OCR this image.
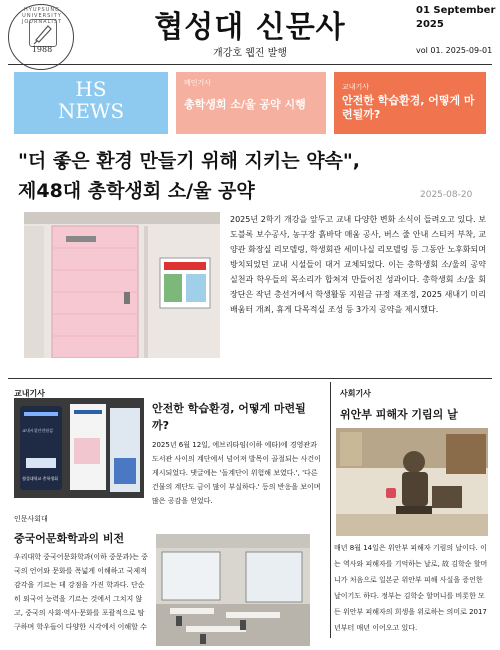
HYUPSUNG UNIVERSITY JOURNALIST
1988
협성대 신문사
개강호 웹진 발행
01 September
2025
vol 01. 2025-09-01
HS
NEWS
메인기사
총학생회 소/울 공약 시행
교내기사
안전한 학습환경, 어떻게 마련될까?
"더 좋은 환경 만들기 위해 지키는 약속",
제48대 총학생회 소/울 공약	2025-08-20
2025년 2학기 개강을 앞두고 교내 다양한 변화 소식이 들려오고 있다. 보도블록 보수공사, 농구장 흙바닥 매움 공사, 버스 줄 안내 스티커 부착, 교양관 화장실 리모델링, 학생회관 세미나실 리모델링 등 그동안 노후화되며 방치되었던 교내 시설들이 대거 교체되었다. 이는 총학생회 소/울의 공약 실천과 학우들의 목소리가 합쳐져 만들어진 성과이다. 총학생회 소/울 회장단은 작년 총선거에서 학생활동 지원금 규정 재조정, 2025 새내기 미리배움터 개최, 휴게 다목적실 조성 등 3가지 공약을 제시했다.
교내기사
교내시설안전점검
협성대학교 총학생회
안전한 학습환경, 어떻게 마련될까?
2025년 6월 12일, 에브리타임(이하 에타)에 경영관과 도서관 사이의 계단에서 넘어져 발목이 골절되는 사건이 게시되었다. 댓글에는 '돌계단이 위험해 보였다.', '다른 건물의 계단도 금이 많이 부실하다.' 등의 반응을 보이며 많은 공감을 얻었다.
인문사회대
중국어문화학과의 비전
우리대학 중국어문화학과(이하 중문과)는 중국의 언어와 문화를 폭넓게 이해하고 국제적 감각을 기르는 데 강점을 가진 학과다. 단순히 외국어 능력을 기르는 것에서 그치지 않고, 중국의 사회·역사·문화를 포괄적으로 탐구하며 학우들이 다양한 시각에서 이해할 수
사회기사
위안부 피해자 기림의 날
매년 8월 14일은 위안부 피해자 기림의 날이다. 이는 역사와 피해자를 기억하는 날로, 故 김학순 할머니가 처음으로 일본군 위안부 피해 사실을 증언한 날이기도 하다. 정부는 김학순 할머니를 비롯한 모든 위안부 피해자의 희생을 위로하는 의미로 2017년부터 매년 이어오고 있다.
